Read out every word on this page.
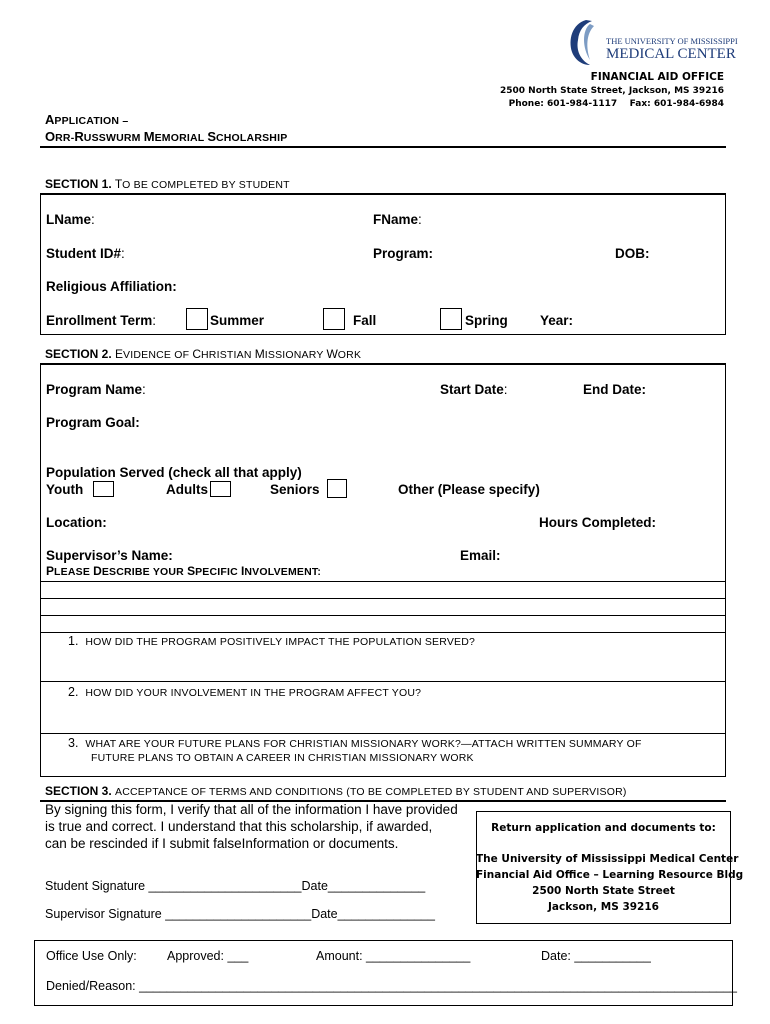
THE UNIVERSITY OF MISSISSIPPI
MEDICAL CENTER
FINANCIAL AID OFFICE
2500 North State Street, Jackson, MS 39216
Phone: 601-984-1117 Fax: 601-984-6984
APPLICATION –
ORR-RUSSWURM MEMORIAL SCHOLARSHIP
SECTION 1. TO BE COMPLETED BY STUDENT
LName:	FName:
Student ID#:	Program:	DOB:
Religious Affiliation:
Enrollment Term:	Summer	Fall	Spring Year:
SECTION 2. EVIDENCE OF CHRISTIAN MISSIONARY WORK
Program Name:	Start Date:	End Date:
Program Goal:
Population Served (check all that apply)
Youth	Adults	Seniors	Other (Please specify)
Location:	Hours Completed:
Supervisor’s Name:	Email:
PLEASE DESCRIBE YOUR SPECIFIC INVOLVEMENT:
1. HOW DID THE PROGRAM POSITIVELY IMPACT THE POPULATION SERVED?
2. HOW DID YOUR INVOLVEMENT IN THE PROGRAM AFFECT YOU?
3. WHAT ARE YOUR FUTURE PLANS FOR CHRISTIAN MISSIONARY WORK?—ATTACH WRITTEN SUMMARY OF
FUTURE PLANS TO OBTAIN A CAREER IN CHRISTIAN MISSIONARY WORK
SECTION 3. ACCEPTANCE OF TERMS AND CONDITIONS (TO BE COMPLETED BY STUDENT AND SUPERVISOR)
By signing this form, I verify that all of the information I have provided
is true and correct. I understand that this scholarship, if awarded,
can be rescinded if I submit falseInformation or documents.
Student Signature ______________________Date______________
Supervisor Signature _____________________Date______________
Return application and documents to:
The University of Mississippi Medical Center
Financial Aid Office – Learning Resource Bldg
2500 North State Street
Jackson, MS 39216
Office Use Only: Approved: ___	Amount: _______________	Date: ___________
Denied/Reason: ______________________________________________________________________________________
